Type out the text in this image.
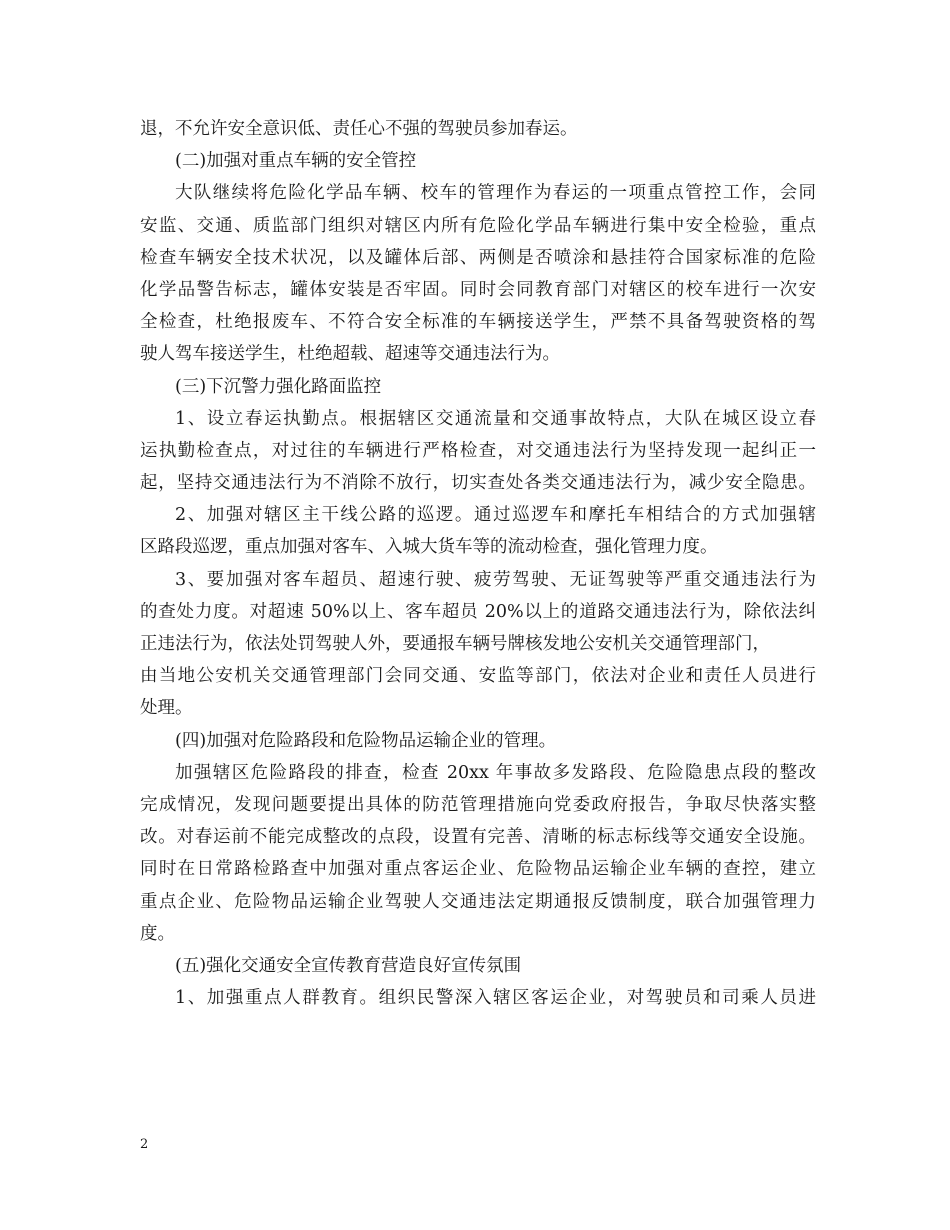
退，不允许安全意识低、责任心不强的驾驶员参加春运。
(二)加强对重点车辆的安全管控
大队继续将危险化学品车辆、校车的管理作为春运的一项重点管控工作，会同
安监、交通、质监部门组织对辖区内所有危险化学品车辆进行集中安全检验，重点
检查车辆安全技术状况，以及罐体后部、两侧是否喷涂和悬挂符合国家标准的危险
化学品警告标志，罐体安装是否牢固。同时会同教育部门对辖区的校车进行一次安
全检查，杜绝报废车、不符合安全标准的车辆接送学生，严禁不具备驾驶资格的驾
驶人驾车接送学生，杜绝超载、超速等交通违法行为。
(三)下沉警力强化路面监控
1、设立春运执勤点。根据辖区交通流量和交通事故特点，大队在城区设立春
运执勤检查点，对过往的车辆进行严格检查，对交通违法行为坚持发现一起纠正一
起，坚持交通违法行为不消除不放行，切实查处各类交通违法行为，减少安全隐患。
2、加强对辖区主干线公路的巡逻。通过巡逻车和摩托车相结合的方式加强辖
区路段巡逻，重点加强对客车、入城大货车等的流动检查，强化管理力度。
3、要加强对客车超员、超速行驶、疲劳驾驶、无证驾驶等严重交通违法行为
的查处力度。对超速 50%以上、客车超员 20%以上的道路交通违法行为，除依法纠
正违法行为，依法处罚驾驶人外，要通报车辆号牌核发地公安机关交通管理部门，
由当地公安机关交通管理部门会同交通、安监等部门，依法对企业和责任人员进行
处理。
(四)加强对危险路段和危险物品运输企业的管理。
加强辖区危险路段的排查，检查 20xx 年事故多发路段、危险隐患点段的整改
完成情况，发现问题要提出具体的防范管理措施向党委政府报告，争取尽快落实整
改。对春运前不能完成整改的点段，设置有完善、清晰的标志标线等交通安全设施。
同时在日常路检路查中加强对重点客运企业、危险物品运输企业车辆的查控，建立
重点企业、危险物品运输企业驾驶人交通违法定期通报反馈制度，联合加强管理力
度。
(五)强化交通安全宣传教育营造良好宣传氛围
1、加强重点人群教育。组织民警深入辖区客运企业，对驾驶员和司乘人员进
2
